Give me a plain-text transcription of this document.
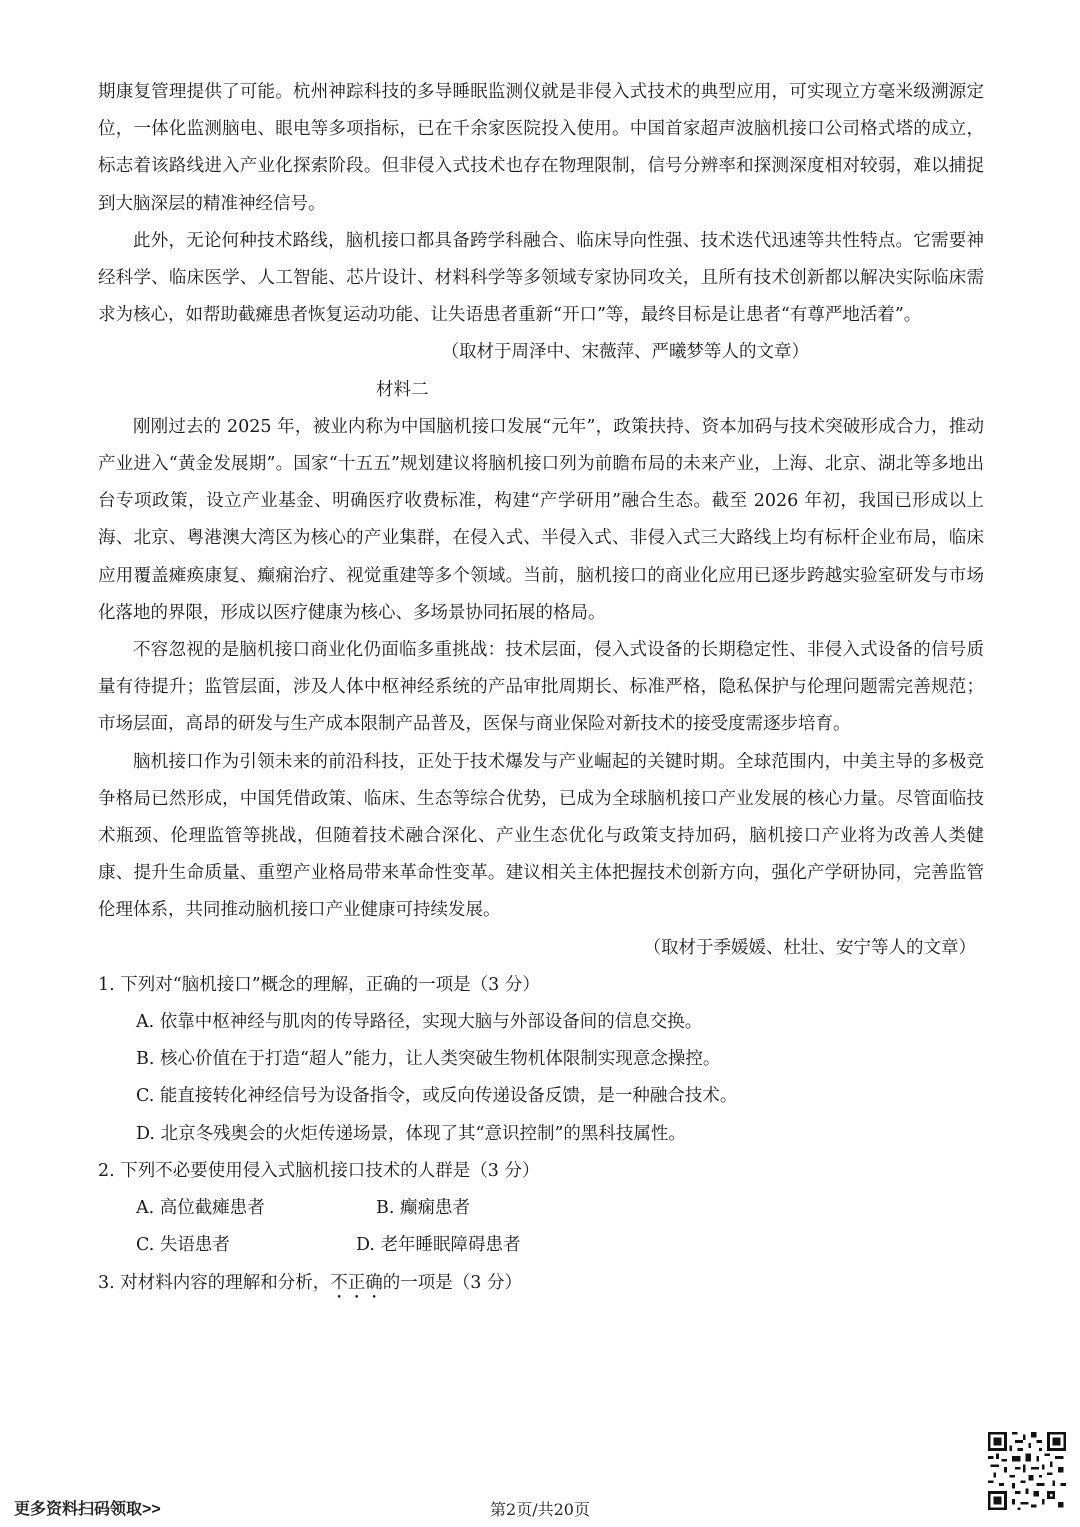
期康复管理提供了可能。杭州神踪科技的多导睡眠监测仪就是非侵入式技术的典型应用，可实现立方毫米级溯源定位，一体化监测脑电、眼电等多项指标，已在千余家医院投入使用。中国首家超声波脑机接口公司格式塔的成立，标志着该路线进入产业化探索阶段。但非侵入式技术也存在物理限制，信号分辨率和探测深度相对较弱，难以捕捉到大脑深层的精准神经信号。

此外，无论何种技术路线，脑机接口都具备跨学科融合、临床导向性强、技术迭代迅速等共性特点。它需要神经科学、临床医学、人工智能、芯片设计、材料科学等多领域专家协同攻关，且所有技术创新都以解决实际临床需求为核心，如帮助截瘫患者恢复运动功能、让失语患者重新“开口”等，最终目标是让患者“有尊严地活着”。

（取材于周泽中、宋薇萍、严曦梦等人的文章）

材料二

刚刚过去的 2025 年，被业内称为中国脑机接口发展“元年”，政策扶持、资本加码与技术突破形成合力，推动产业进入“黄金发展期”。国家“十五五”规划建议将脑机接口列为前瞻布局的未来产业，上海、北京、湖北等多地出台专项政策，设立产业基金、明确医疗收费标准，构建“产学研用”融合生态。截至 2026 年初，我国已形成以上海、北京、粤港澳大湾区为核心的产业集群，在侵入式、半侵入式、非侵入式三大路线上均有标杆企业布局，临床应用覆盖瘫痪康复、癫痫治疗、视觉重建等多个领域。当前，脑机接口的商业化应用已逐步跨越实验室研发与市场化落地的界限，形成以医疗健康为核心、多场景协同拓展的格局。

不容忽视的是脑机接口商业化仍面临多重挑战：技术层面，侵入式设备的长期稳定性、非侵入式设备的信号质量有待提升；监管层面，涉及人体中枢神经系统的产品审批周期长、标准严格，隐私保护与伦理问题需完善规范；市场层面，高昂的研发与生产成本限制产品普及，医保与商业保险对新技术的接受度需逐步培育。

脑机接口作为引领未来的前沿科技，正处于技术爆发与产业崛起的关键时期。全球范围内，中美主导的多极竞争格局已然形成，中国凭借政策、临床、生态等综合优势，已成为全球脑机接口产业发展的核心力量。尽管面临技术瓶颈、伦理监管等挑战，但随着技术融合深化、产业生态优化与政策支持加码，脑机接口产业将为改善人类健康、提升生命质量、重塑产业格局带来革命性变革。建议相关主体把握技术创新方向，强化产学研协同，完善监管伦理体系，共同推动脑机接口产业健康可持续发展。

（取材于季媛媛、杜壮、安宁等人的文章）

1. 下列对“脑机接口”概念的理解，正确的一项是（3 分）

A. 依靠中枢神经与肌肉的传导路径，实现大脑与外部设备间的信息交换。

B. 核心价值在于打造“超人”能力，让人类突破生物机体限制实现意念操控。

C. 能直接转化神经信号为设备指令，或反向传递设备反馈，是一种融合技术。

D. 北京冬残奥会的火炬传递场景，体现了其“意识控制”的黑科技属性。

2. 下列不必要使用侵入式脑机接口技术的人群是（3 分）

A. 高位截瘫患者	B. 癫痫患者
C. 失语患者	D. 老年睡眠障碍患者

3. 对材料内容的理解和分析，不正确的一项是（3 分）

更多资料扫码领取>>	第2页/共20页
